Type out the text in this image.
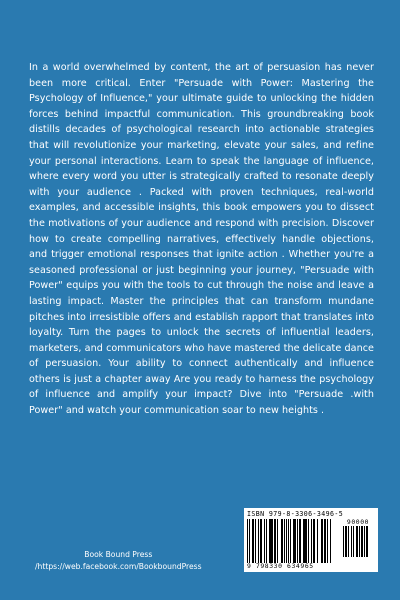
In a world overwhelmed by content, the art of persuasion has never been more critical. Enter "Persuade with Power: Mastering the Psychology of Influence," your ultimate guide to unlocking the hidden forces behind impactful communication. This groundbreaking book distills decades of psychological research into actionable strategies that will revolutionize your marketing, elevate your sales, and refine your personal interactions. Learn to speak the language of influence, where every word you utter is strategically crafted to resonate deeply with your audience . Packed with proven techniques, real-world examples, and accessible insights, this book empowers you to dissect the motivations of your audience and respond with precision. Discover how to create compelling narratives, effectively handle objections, and trigger emotional responses that ignite action . Whether you're a seasoned professional or just beginning your journey, "Persuade with Power" equips you with the tools to cut through the noise and leave a lasting impact. Master the principles that can transform mundane pitches into irresistible offers and establish rapport that translates into loyalty. Turn the pages to unlock the secrets of influential leaders, marketers, and communicators who have mastered the delicate dance of persuasion. Your ability to connect authentically and influence others is just a chapter away Are you ready to harness the psychology of influence and amplify your impact? Dive into "Persuade .with Power" and watch your communication soar to new heights .

Book Bound Press
/https://web.facebook.com/BookboundPress
ISBN 979-8-3306-3496-5
9 798330 634965
90000
